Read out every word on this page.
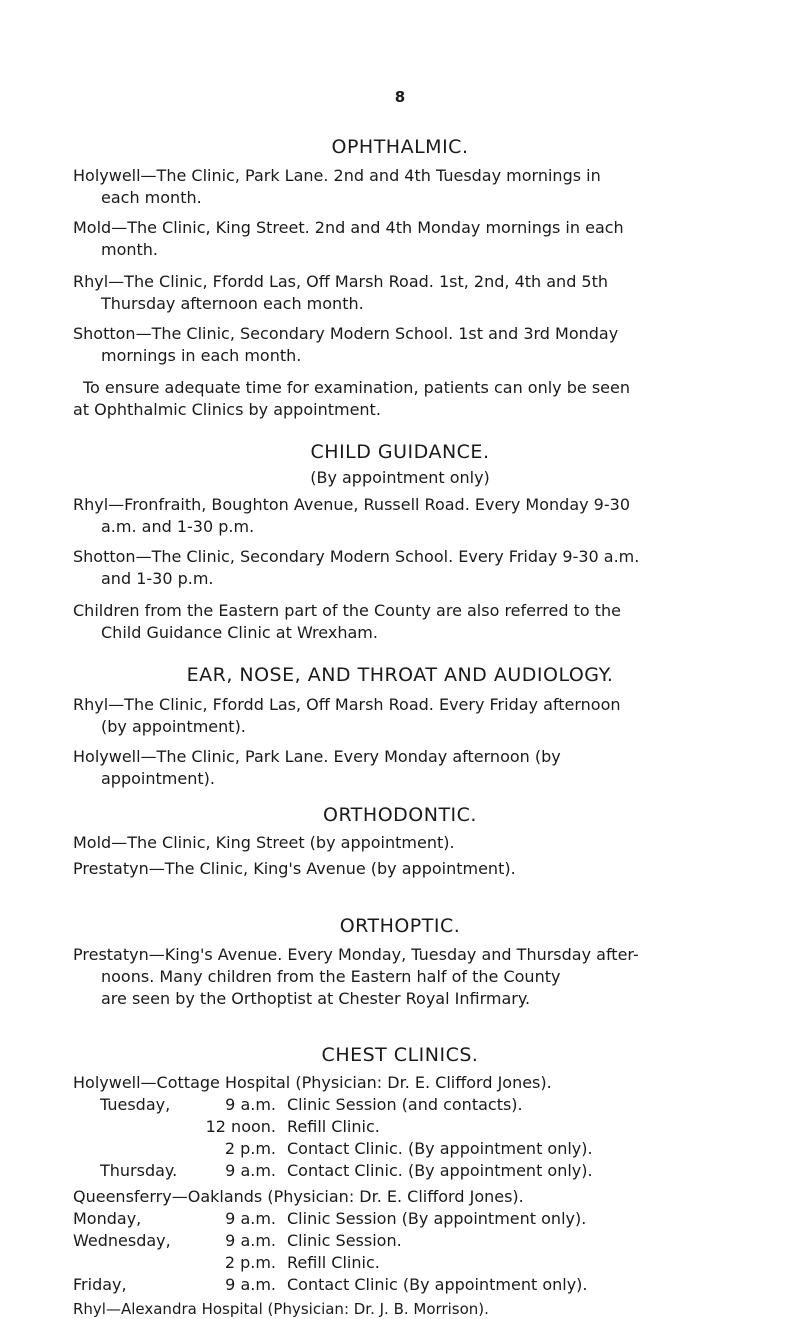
8
OPHTHALMIC.
Holywell—The Clinic, Park Lane. 2nd and 4th Tuesday mornings in
each month.
Mold—The Clinic, King Street. 2nd and 4th Monday mornings in each
month.
Rhyl—The Clinic, Ffordd Las, Off Marsh Road. 1st, 2nd, 4th and 5th
Thursday afternoon each month.
Shotton—The Clinic, Secondary Modern School. 1st and 3rd Monday
mornings in each month.
To ensure adequate time for examination, patients can only be seen
at Ophthalmic Clinics by appointment.
CHILD GUIDANCE.
(By appointment only)
Rhyl—Fronfraith, Boughton Avenue, Russell Road. Every Monday 9-30
a.m. and 1-30 p.m.
Shotton—The Clinic, Secondary Modern School. Every Friday 9-30 a.m.
and 1-30 p.m.
Children from the Eastern part of the County are also referred to the
Child Guidance Clinic at Wrexham.
EAR, NOSE, AND THROAT AND AUDIOLOGY.
Rhyl—The Clinic, Ffordd Las, Off Marsh Road. Every Friday afternoon
(by appointment).
Holywell—The Clinic, Park Lane. Every Monday afternoon (by
appointment).
ORTHODONTIC.
Mold—The Clinic, King Street (by appointment).
Prestatyn—The Clinic, King's Avenue (by appointment).
ORTHOPTIC.
Prestatyn—King's Avenue. Every Monday, Tuesday and Thursday after-
noons. Many children from the Eastern half of the County
are seen by the Orthoptist at Chester Royal Infirmary.
CHEST CLINICS.
Holywell—Cottage Hospital (Physician: Dr. E. Clifford Jones).
Tuesday,	9 a.m. Clinic Session (and contacts).
12 noon. Refill Clinic.
2 p.m. Contact Clinic. (By appointment only).
Thursday.	9 a.m. Contact Clinic. (By appointment only).
Queensferry—Oaklands (Physician: Dr. E. Clifford Jones).
Monday,	9 a.m. Clinic Session (By appointment only).
Wednesday,	9 a.m. Clinic Session.
2 p.m. Refill Clinic.
Friday,	9 a.m. Contact Clinic (By appointment only).
Rhyl—Alexandra Hospital (Physician: Dr. J. B. Morrison).
